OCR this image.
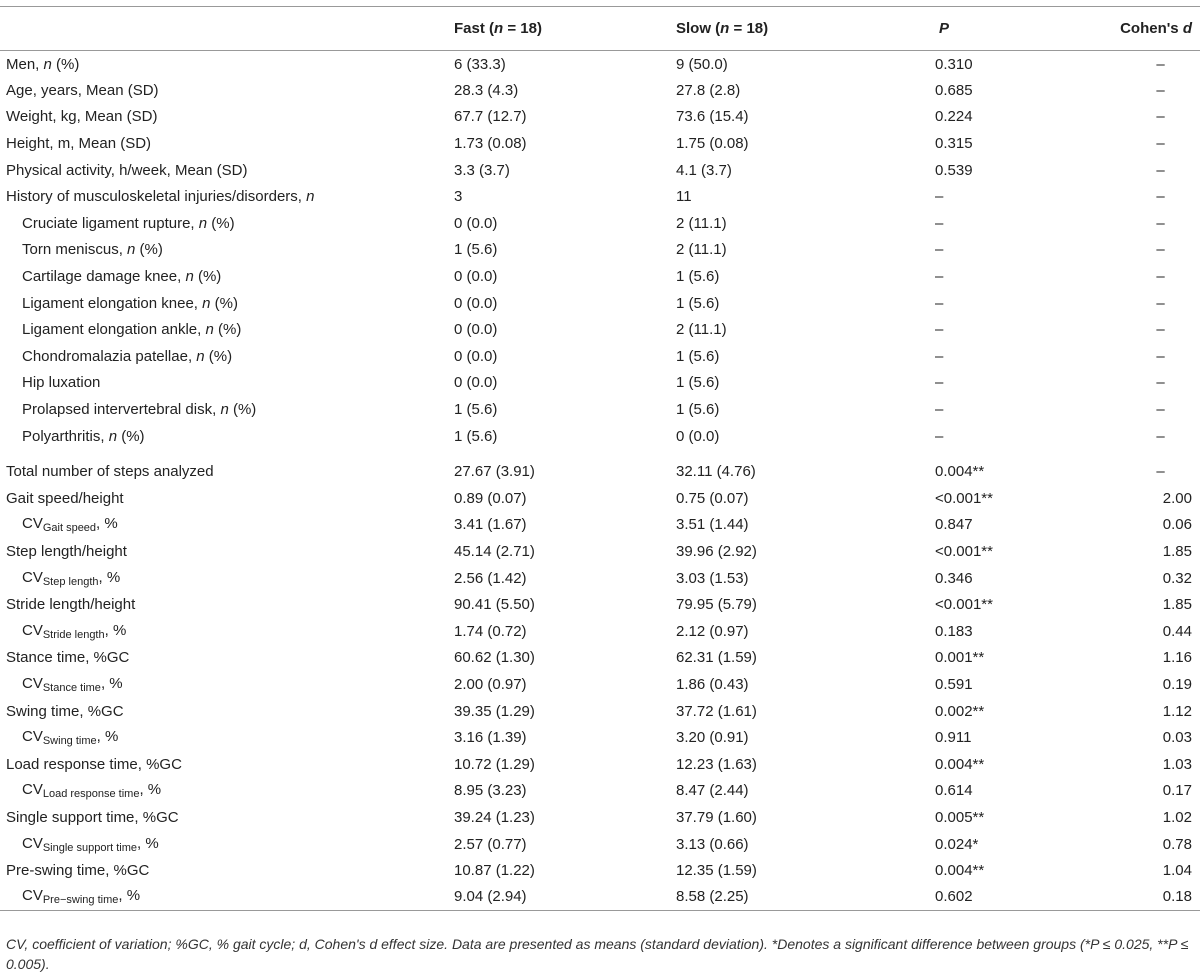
	Fast (n = 18)	Slow (n = 18)	P	Cohen's d
Men, n (%)	6 (33.3)	9 (50.0)	0.310	–
Age, years, Mean (SD)	28.3 (4.3)	27.8 (2.8)	0.685	–
Weight, kg, Mean (SD)	67.7 (12.7)	73.6 (15.4)	0.224	–
Height, m, Mean (SD)	1.73 (0.08)	1.75 (0.08)	0.315	–
Physical activity, h/week, Mean (SD)	3.3 (3.7)	4.1 (3.7)	0.539	–
History of musculoskeletal injuries/disorders, n	3	11	–	–
Cruciate ligament rupture, n (%)	0 (0.0)	2 (11.1)	–	–
Torn meniscus, n (%)	1 (5.6)	2 (11.1)	–	–
Cartilage damage knee, n (%)	0 (0.0)	1 (5.6)	–	–
Ligament elongation knee, n (%)	0 (0.0)	1 (5.6)	–	–
Ligament elongation ankle, n (%)	0 (0.0)	2 (11.1)	–	–
Chondromalazia patellae, n (%)	0 (0.0)	1 (5.6)	–	–
Hip luxation	0 (0.0)	1 (5.6)	–	–
Prolapsed intervertebral disk, n (%)	1 (5.6)	1 (5.6)	–	–
Polyarthritis, n (%)	1 (5.6)	0 (0.0)	–	–

Total number of steps analyzed	27.67 (3.91)	32.11 (4.76)	0.004**	–
Gait speed/height	0.89 (0.07)	0.75 (0.07)	<0.001**	2.00
$CV_{Gait speed}$, %	3.41 (1.67)	3.51 (1.44)	0.847	0.06
Step length/height	45.14 (2.71)	39.96 (2.92)	<0.001**	1.85
$CV_{Step length}$, %	2.56 (1.42)	3.03 (1.53)	0.346	0.32
Stride length/height	90.41 (5.50)	79.95 (5.79)	<0.001**	1.85
$CV_{Stride length}$, %	1.74 (0.72)	2.12 (0.97)	0.183	0.44
Stance time, %GC	60.62 (1.30)	62.31 (1.59)	0.001**	1.16
$CV_{Stance time}$, %	2.00 (0.97)	1.86 (0.43)	0.591	0.19
Swing time, %GC	39.35 (1.29)	37.72 (1.61)	0.002**	1.12
$CV_{Swing time}$, %	3.16 (1.39)	3.20 (0.91)	0.911	0.03
Load response time, %GC	10.72 (1.29)	12.23 (1.63)	0.004**	1.03
$CV_{Load response time}$, %	8.95 (3.23)	8.47 (2.44)	0.614	0.17
Single support time, %GC	39.24 (1.23)	37.79 (1.60)	0.005**	1.02
$CV_{Single support time}$, %	2.57 (0.77)	3.13 (0.66)	0.024*	0.78
Pre-swing time, %GC	10.87 (1.22)	12.35 (1.59)	0.004**	1.04
$CV_{Pre-swing time}$, %	9.04 (2.94)	8.58 (2.25)	0.602	0.18
CV, coefficient of variation; %GC, % gait cycle; d, Cohen's d effect size. Data are presented as means (standard deviation). *Denotes a significant difference between groups (*P ≤ 0.025, **P ≤ 0.005).
